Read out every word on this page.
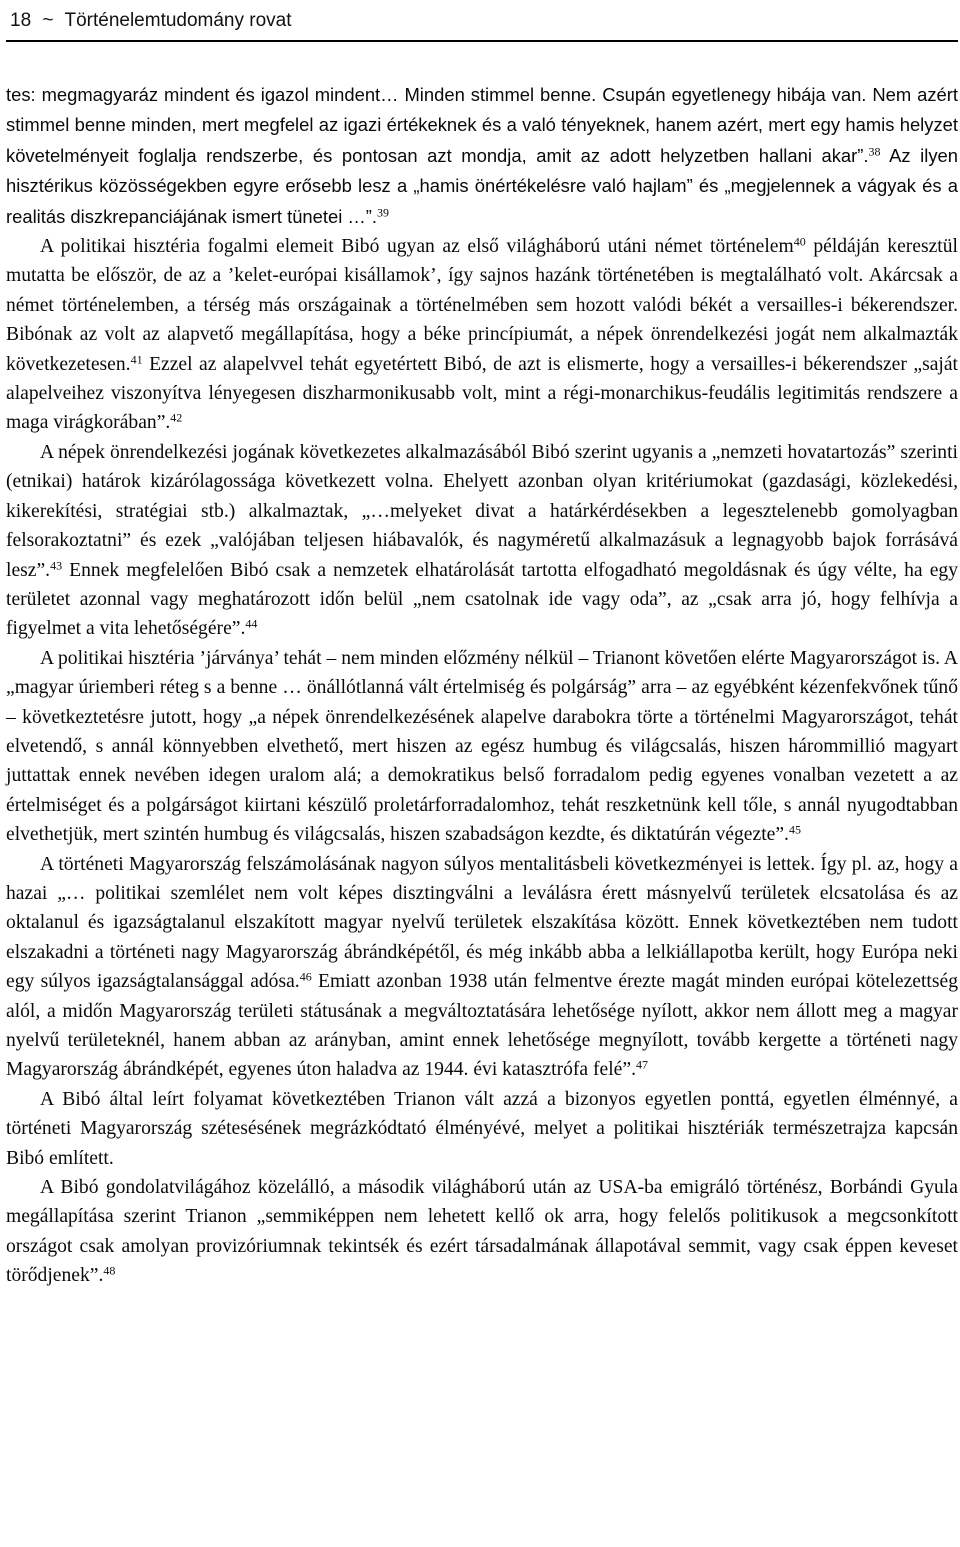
18 ~ Történelemtudomány rovat

tes: megmagyaráz mindent és igazol mindent… Minden stimmel benne. Csupán egyetlenegy hibája van. Nem azért stimmel benne minden, mert megfelel az igazi értékeknek és a való tényeknek, hanem azért, mert egy hamis helyzet követelményeit foglalja rendszerbe, és pontosan azt mondja, amit az adott helyzetben hallani akar”.$^{38}$ Az ilyen hisztérikus közösségekben egyre erősebb lesz a „hamis önértékelésre való hajlam” és „megjelennek a vágyak és a realitás diszkrepanciájának ismert tünetei …”.$^{39}$

A politikai hisztéria fogalmi elemeit Bibó ugyan az első világháború utáni német történelem$^{40}$ példáján keresztül mutatta be először, de az a ’kelet-európai kisállamok’, így sajnos hazánk történetében is megtalálható volt. Akárcsak a német történelemben, a térség más országainak a történelmében sem hozott valódi békét a versailles-i békerendszer. Bibónak az volt az alapvető megállapítása, hogy a béke princípiumát, a népek önrendelkezési jogát nem alkalmazták következetesen.$^{41}$ Ezzel az alapelvvel tehát egyetértett Bibó, de azt is elismerte, hogy a versailles-i békerendszer „saját alapelveihez viszonyítva lényegesen diszharmonikusabb volt, mint a régi-monarchikus-feudális legitimitás rendszere a maga virágkorában”.$^{42}$

A népek önrendelkezési jogának következetes alkalmazásából Bibó szerint ugyanis a „nemzeti hovatartozás” szerinti (etnikai) határok kizárólagossága következett volna. Ehelyett azonban olyan kritériumokat (gazdasági, közlekedési, kikerekítési, stratégiai stb.) alkalmaztak, „…melyeket divat a határkérdésekben a legesztelenebb gomolyagban felsorakoztatni” és ezek „valójában teljesen hiábavalók, és nagyméretű alkalmazásuk a legnagyobb bajok forrásává lesz”.$^{43}$ Ennek megfelelően Bibó csak a nemzetek elhatárolását tartotta elfogadható megoldásnak és úgy vélte, ha egy területet azonnal vagy meghatározott időn belül „nem csatolnak ide vagy oda”, az „csak arra jó, hogy felhívja a figyelmet a vita lehetőségére”.$^{44}$

A politikai hisztéria ’járványa’ tehát – nem minden előzmény nélkül – Trianont követően elérte Magyarországot is. A „magyar úriemberi réteg s a benne … önállótlanná vált értelmiség és polgárság” arra – az egyébként kézenfekvőnek tűnő – következtetésre jutott, hogy „a népek önrendelkezésének alapelve darabokra törte a történelmi Magyarországot, tehát elvetendő, s annál könnyebben elvethető, mert hiszen az egész humbug és világcsalás, hiszen hárommillió magyart juttattak ennek nevében idegen uralom alá; a demokratikus belső forradalom pedig egyenes vonalban vezetett a az értelmiséget és a polgárságot kiirtani készülő proletárforradalomhoz, tehát reszketnünk kell tőle, s annál nyugodtabban elvethetjük, mert szintén humbug és világcsalás, hiszen szabadságon kezdte, és diktatúrán végezte”.$^{45}$

A történeti Magyarország felszámolásának nagyon súlyos mentalitásbeli következményei is lettek. Így pl. az, hogy a hazai „… politikai szemlélet nem volt képes disztingválni a leválásra érett másnyelvű területek elcsatolása és az oktalanul és igazságtalanul elszakított magyar nyelvű területek elszakítása között. Ennek következtében nem tudott elszakadni a történeti nagy Magyarország ábrándképétől, és még inkább abba a lelkiállapotba került, hogy Európa neki egy súlyos igazságtalansággal adósa.$^{46}$ Emiatt azonban 1938 után felmentve érezte magát minden európai kötelezettség alól, a midőn Magyarország területi státusának a megváltoztatására lehetősége nyílott, akkor nem állott meg a magyar nyelvű területeknél, hanem abban az arányban, amint ennek lehetősége megnyílott, tovább kergette a történeti nagy Magyarország ábrándképét, egyenes úton haladva az 1944. évi katasztrófa felé”.$^{47}$

A Bibó által leírt folyamat következtében Trianon vált azzá a bizonyos egyetlen ponttá, egyetlen élménnyé, a történeti Magyarország szétesésének megrázkódtató élményévé, melyet a politikai hisztériák természetrajza kapcsán Bibó említett.

A Bibó gondolatvilágához közelálló, a második világháború után az USA-ba emigráló történész, Borbándi Gyula megállapítása szerint Trianon „semmiképpen nem lehetett kellő ok arra, hogy felelős politikusok a megcsonkított országot csak amolyan provizóriumnak tekintsék és ezért társadalmának állapotával semmit, vagy csak éppen keveset törődjenek”.$^{48}$
